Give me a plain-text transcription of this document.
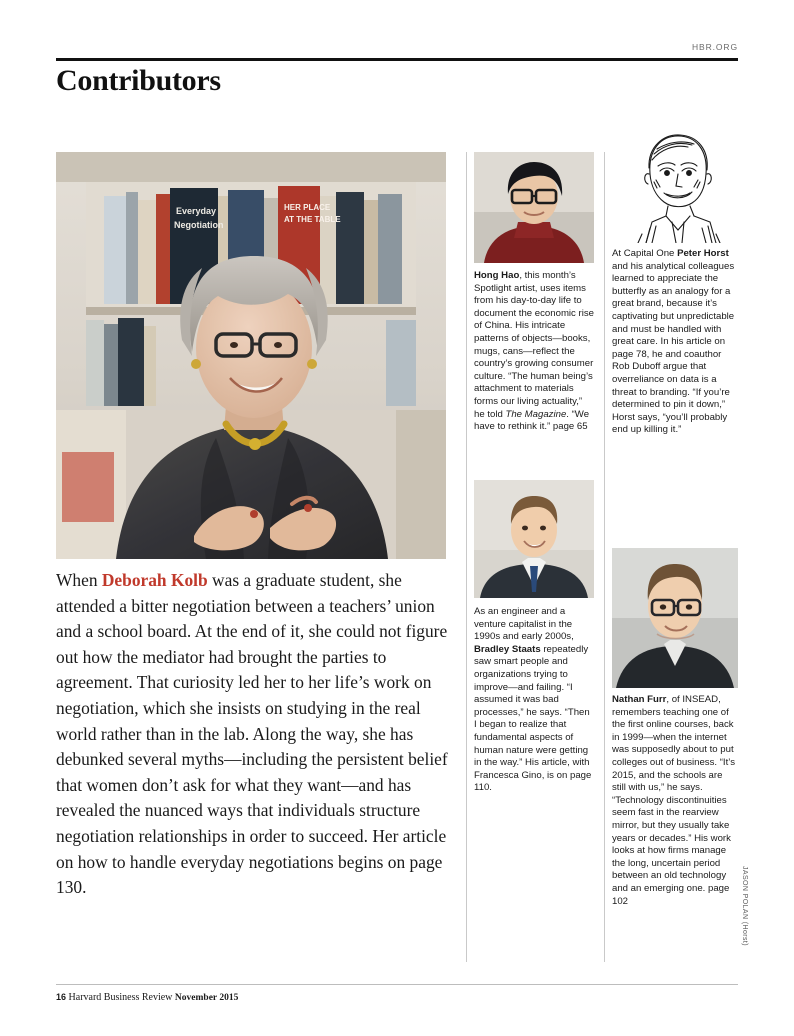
HBR.ORG
Contributors
Everyday
Negotiation
HER PLACE
AT THE TABLE
When Deborah Kolb was a graduate student, she attended a bitter negotiation between a teachers’ union and a school board. At the end of it, she could not figure out how the mediator had brought the parties to agreement. That curiosity led her to her life’s work on negotiation, which she insists on studying in the real world rather than in the lab. Along the way, she has debunked several myths—including the persistent belief that women don’t ask for what they want—and has revealed the nuanced ways that individuals structure negotiation relationships in order to succeed. Her article on how to handle everyday negotiations begins on page 130.
Hong Hao, this month’s Spotlight artist, uses items from his day-to-day life to document the economic rise of China. His intricate patterns of objects—books, mugs, cans—reflect the country’s growing consumer culture. “The human being’s attachment to materials forms our living actuality,” he told The Magazine. “We have to rethink it.” page 65
As an engineer and a venture capitalist in the 1990s and early 2000s, Bradley Staats repeatedly saw smart people and organizations trying to improve—and failing. “I assumed it was bad processes,” he says. “Then I began to realize that fundamental aspects of human nature were getting in the way.” His article, with Francesca Gino, is on page 110.
At Capital One Peter Horst and his analytical colleagues learned to appreciate the butterfly as an analogy for a great brand, because it’s captivating but unpredictable and must be handled with great care. In his article on page 78, he and coauthor Rob Duboff argue that overreliance on data is a threat to branding. “If you’re determined to pin it down,” Horst says, “you’ll probably end up killing it.”
Nathan Furr, of INSEAD, remembers teaching one of the first online courses, back in 1999—when the internet was supposedly about to put colleges out of business. “It’s 2015, and the schools are still with us,” he says. “Technology discontinuities seem fast in the rearview mirror, but they usually take years or decades.” His work looks at how firms manage the long, uncertain period between an old technology and an emerging one. page 102	JASON POLAN (Horst)
16 Harvard Business Review November 2015
